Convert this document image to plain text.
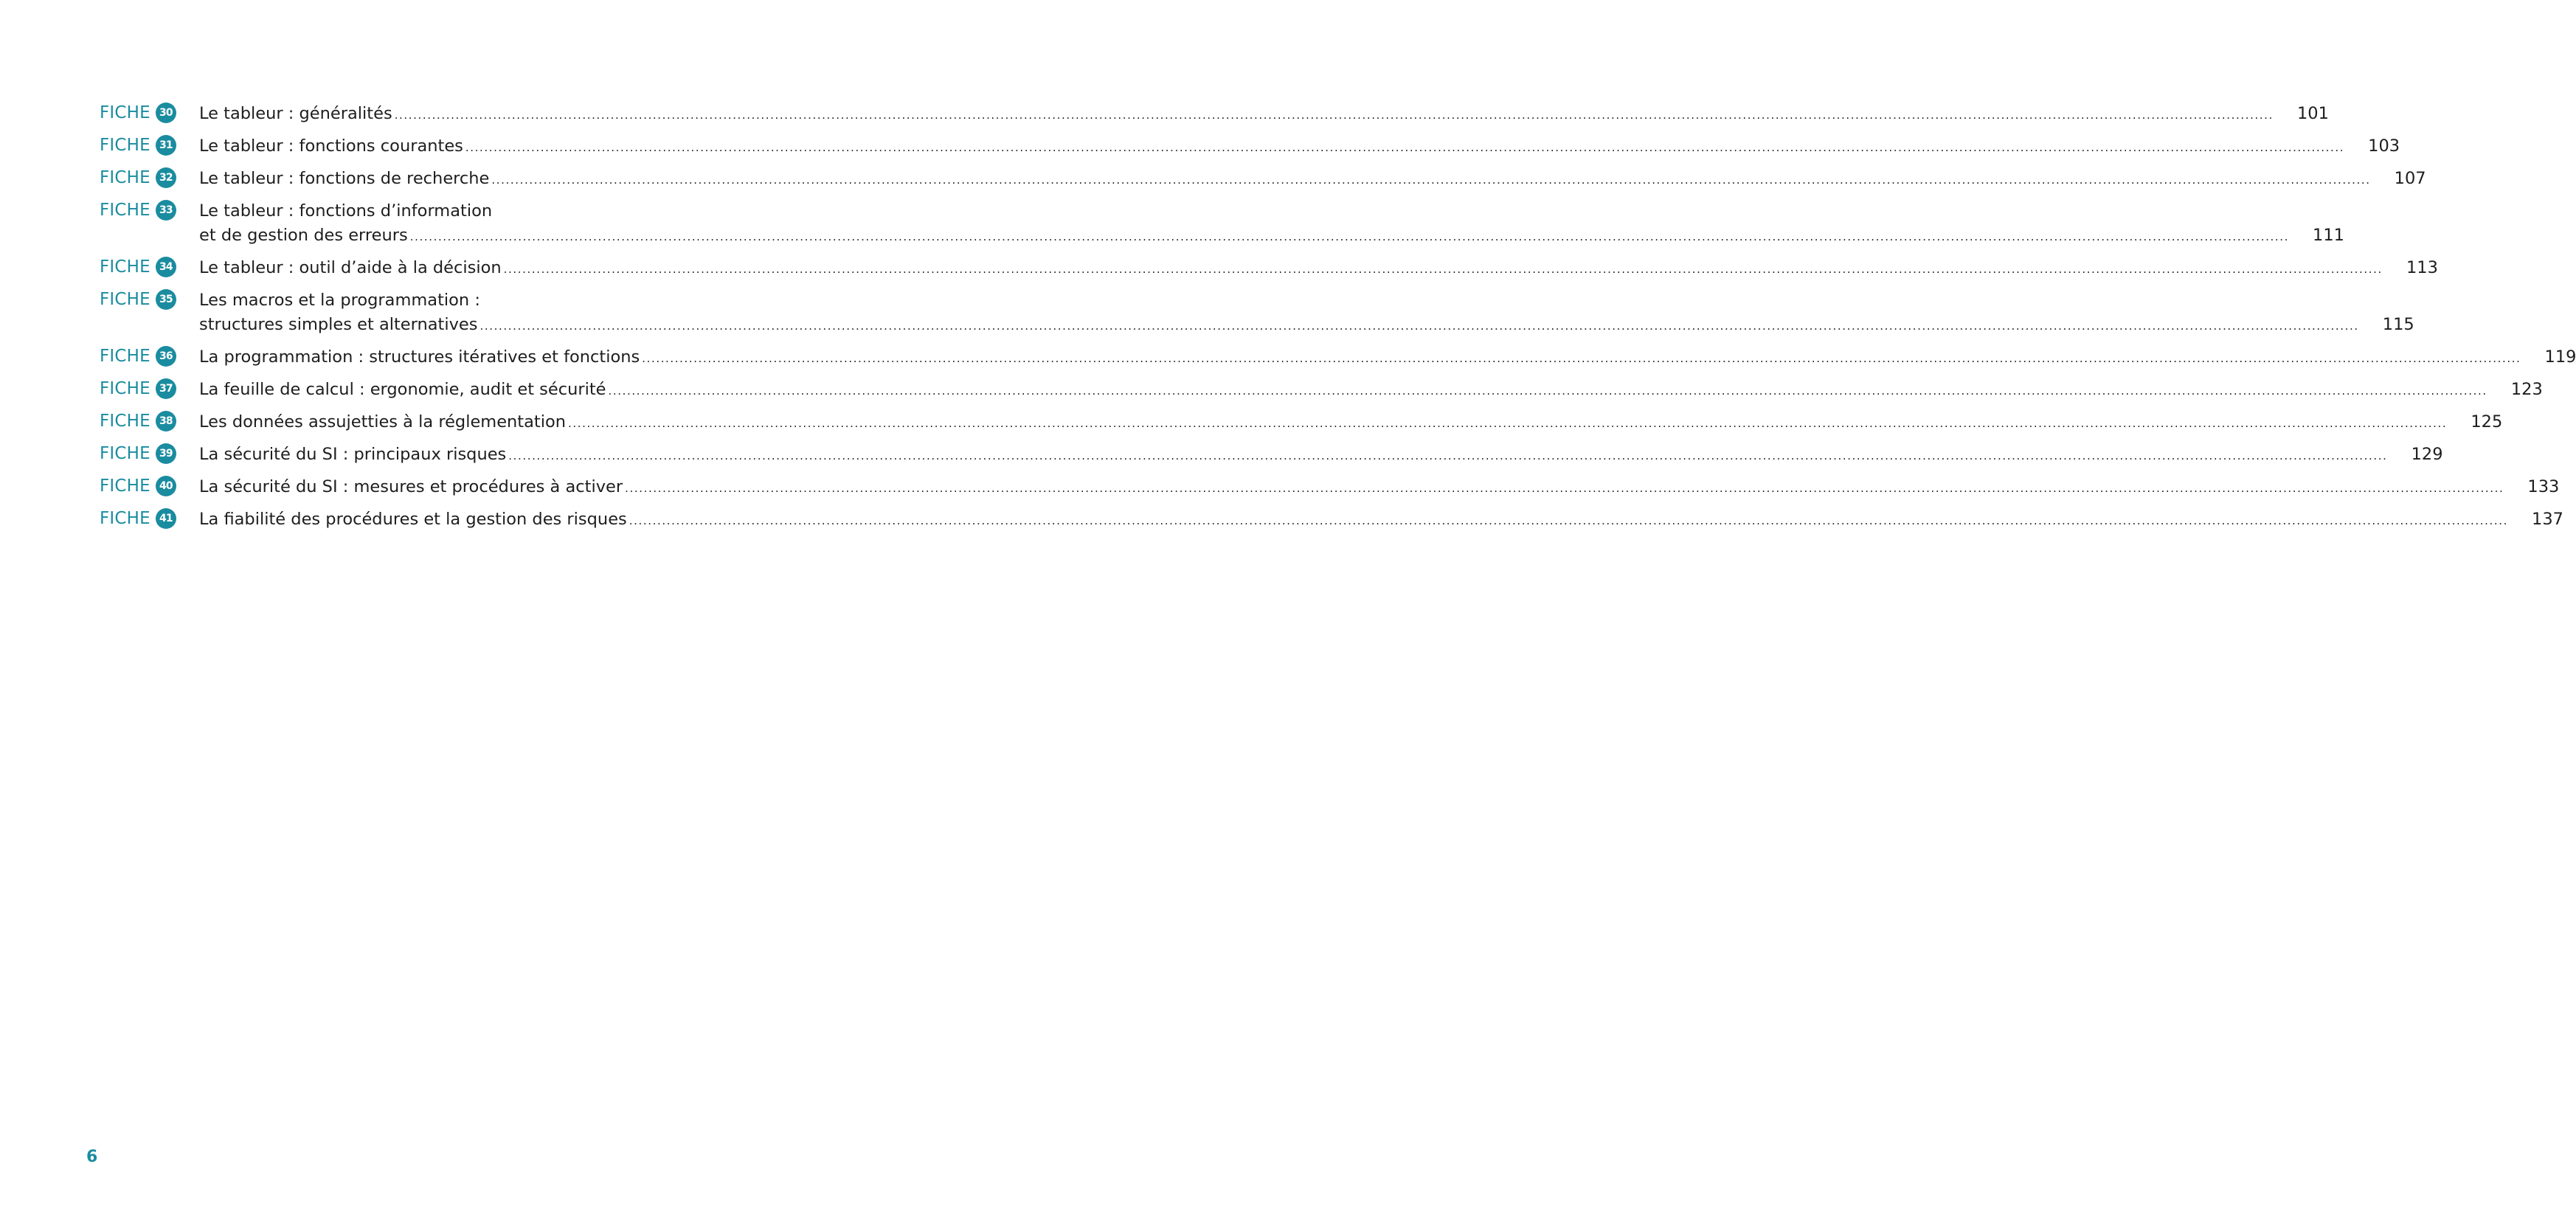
FICHE 30 Le tableur : généralités ................................................................................................................................................................................................................................................................................................................................................................................................................	101
FICHE 31 Le tableur : fonctions courantes ................................................................................................................................................................................................................................................................................................................................................................................................................	103
FICHE 32 Le tableur : fonctions de recherche ................................................................................................................................................................................................................................................................................................................................................................................................................	107
FICHE 33 Le tableur : fonctions d’information
et de gestion des erreurs ................................................................................................................................................................................................................................................................................................................................................................................................................	111
FICHE 34 Le tableur : outil d’aide à la décision ................................................................................................................................................................................................................................................................................................................................................................................................................	113
FICHE 35 Les macros et la programmation :
structures simples et alternatives ................................................................................................................................................................................................................................................................................................................................................................................................................	115
FICHE 36 La programmation : structures itératives et fonctions ................................................................................................................................................................................................................................................................................................................................................................................................................	119
FICHE 37 La feuille de calcul : ergonomie, audit et sécurité ................................................................................................................................................................................................................................................................................................................................................................................................................	123
FICHE 38 Les données assujetties à la réglementation ................................................................................................................................................................................................................................................................................................................................................................................................................	125
FICHE 39 La sécurité du SI : principaux risques ................................................................................................................................................................................................................................................................................................................................................................................................................	129
FICHE 40 La sécurité du SI : mesures et procédures à activer ................................................................................................................................................................................................................................................................................................................................................................................................................	133
FICHE 41 La fiabilité des procédures et la gestion des risques ................................................................................................................................................................................................................................................................................................................................................................................................................	137
6
